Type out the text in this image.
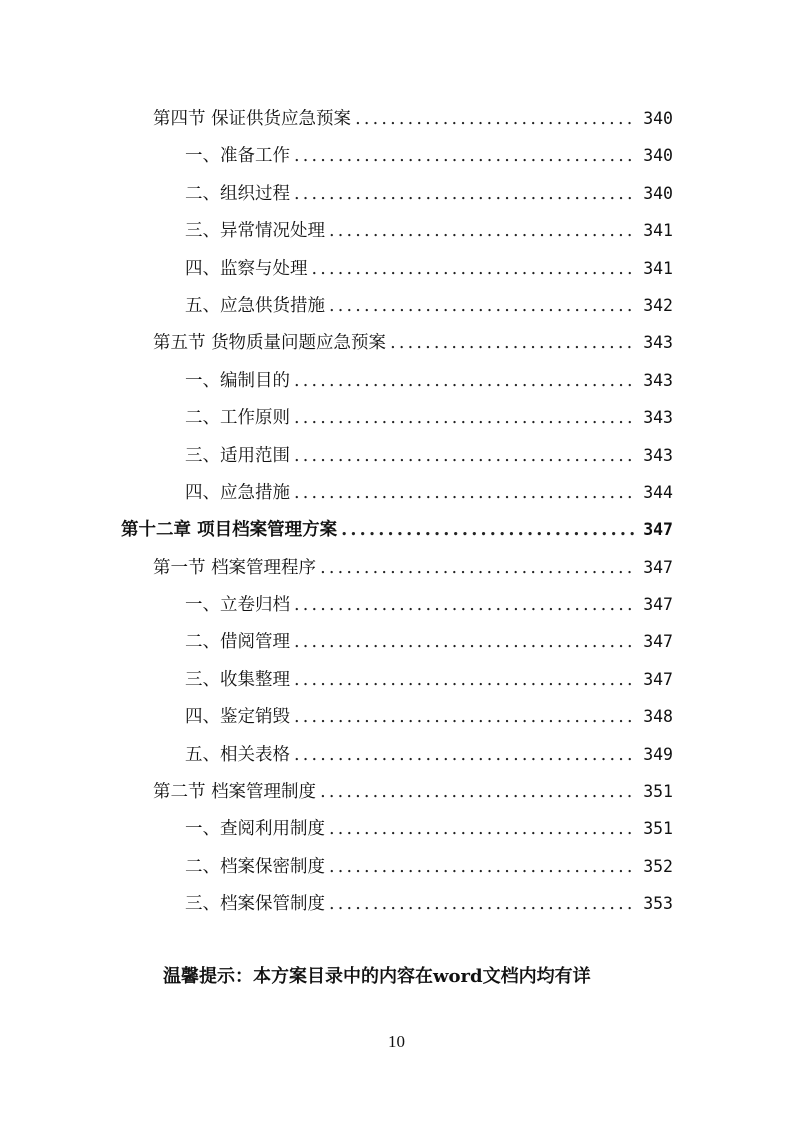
第四节 保证供货应急预案 .....	340
一、准备工作 .....	340
二、组织过程 .....	340
三、异常情况处理 .....	341
四、监察与处理 .....	341
五、应急供货措施 .....	342
第五节 货物质量问题应急预案 .....	343
一、编制目的 .....	343
二、工作原则 .....	343
三、适用范围 .....	343
四、应急措施 .....	344
第十二章 项目档案管理方案 .....	347
第一节 档案管理程序 .....	347
一、立卷归档 .....	347
二、借阅管理 .....	347
三、收集整理 .....	347
四、鉴定销毁 .....	348
五、相关表格 .....	349
第二节 档案管理制度 .....	351
一、查阅利用制度 .....	351
二、档案保密制度 .....	352
三、档案保管制度 .....	353
温馨提示：本方案目录中的内容在word文档内均有详
10
